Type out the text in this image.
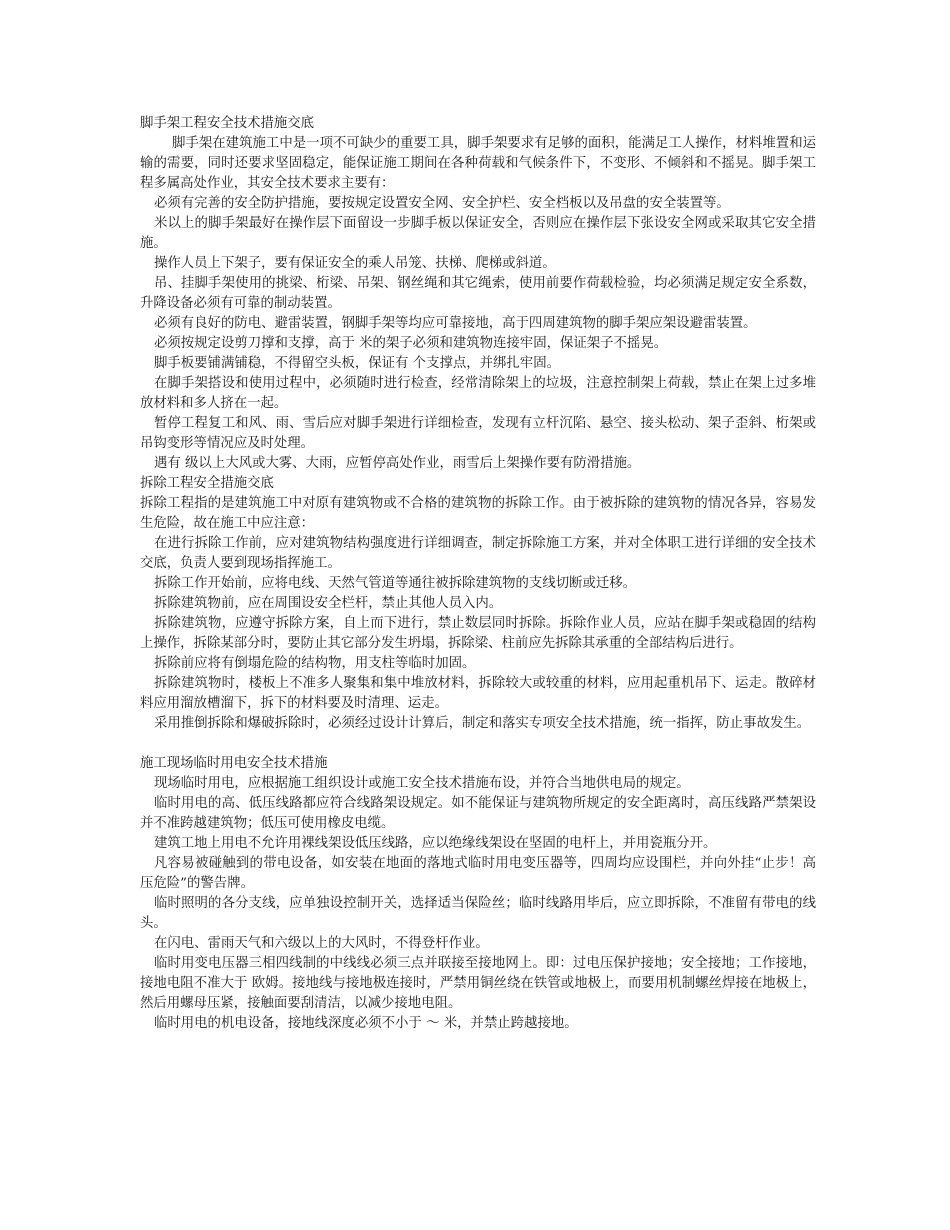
脚手架工程安全技术措施交底

脚手架在建筑施工中是一项不可缺少的重要工具，脚手架要求有足够的面积，能满足工人操作，材料堆置和运输的需要，同时还要求坚固稳定，能保证施工期间在各种荷载和气候条件下，不变形、不倾斜和不摇晃。脚手架工程多属高处作业，其安全技术要求主要有：

必须有完善的安全防护措施，要按规定设置安全网、安全护栏、安全档板以及吊盘的安全装置等。

米以上的脚手架最好在操作层下面留设一步脚手板以保证安全，否则应在操作层下张设安全网或采取其它安全措施。

操作人员上下架子，要有保证安全的乘人吊笼、扶梯、爬梯或斜道。

吊、挂脚手架使用的挑梁、桁梁、吊架、钢丝绳和其它绳索，使用前要作荷载检验，均必须满足规定安全系数，升降设备必须有可靠的制动装置。

必须有良好的防电、避雷装置，钢脚手架等均应可靠接地，高于四周建筑物的脚手架应架设避雷装置。

必须按规定设剪刀撑和支撑，高于 米的架子必须和建筑物连接牢固，保证架子不摇晃。

脚手板要铺满铺稳，不得留空头板，保证有 个支撑点，并绑扎牢固。

在脚手架搭设和使用过程中，必须随时进行检查，经常清除架上的垃圾，注意控制架上荷载，禁止在架上过多堆放材料和多人挤在一起。

暂停工程复工和风、雨、雪后应对脚手架进行详细检查，发现有立杆沉陷、悬空、接头松动、架子歪斜、桁架或吊钩变形等情况应及时处理。

遇有 级以上大风或大雾、大雨，应暂停高处作业，雨雪后上架操作要有防滑措施。

拆除工程安全措施交底

拆除工程指的是建筑施工中对原有建筑物或不合格的建筑物的拆除工作。由于被拆除的建筑物的情况各异，容易发生危险，故在施工中应注意：

在进行拆除工作前，应对建筑物结构强度进行详细调查，制定拆除施工方案，并对全体职工进行详细的安全技术交底，负责人要到现场指挥施工。

拆除工作开始前，应将电线、天然气管道等通往被拆除建筑物的支线切断或迁移。

拆除建筑物前，应在周围设安全栏杆，禁止其他人员入内。

拆除建筑物，应遵守拆除方案，自上而下进行，禁止数层同时拆除。拆除作业人员，应站在脚手架或稳固的结构上操作，拆除某部分时，要防止其它部分发生坍塌，拆除梁、柱前应先拆除其承重的全部结构后进行。

拆除前应将有倒塌危险的结构物，用支柱等临时加固。

拆除建筑物时，楼板上不准多人聚集和集中堆放材料，拆除较大或较重的材料，应用起重机吊下、运走。散碎材料应用溜放槽溜下，拆下的材料要及时清理、运走。

采用推倒拆除和爆破拆除时，必须经过设计计算后，制定和落实专项安全技术措施，统一指挥，防止事故发生。

施工现场临时用电安全技术措施

现场临时用电，应根据施工组织设计或施工安全技术措施布设，并符合当地供电局的规定。

临时用电的高、低压线路都应符合线路架设规定。如不能保证与建筑物所规定的安全距离时，高压线路严禁架设并不准跨越建筑物；低压可使用橡皮电缆。

建筑工地上用电不允许用裸线架设低压线路，应以绝缘线架设在坚固的电杆上，并用瓷瓶分开。

凡容易被碰触到的带电设备，如安装在地面的落地式临时用电变压器等，四周均应设围栏，并向外挂“止步！高压危险”的警告牌。

临时照明的各分支线，应单独设控制开关，选择适当保险丝；临时线路用毕后，应立即拆除，不准留有带电的线头。

在闪电、雷雨天气和六级以上的大风时，不得登杆作业。

临时用变电压器三相四线制的中线线必须三点并联接至接地网上。即：过电压保护接地；安全接地；工作接地，接地电阻不准大于 欧姆。接地线与接地极连接时，严禁用铜丝绕在铁管或地极上，而要用机制螺丝焊接在地极上，然后用螺母压紧，接触面要刮清洁，以减少接地电阻。

临时用电的机电设备，接地线深度必须不小于 ～ 米，并禁止跨越接地。
